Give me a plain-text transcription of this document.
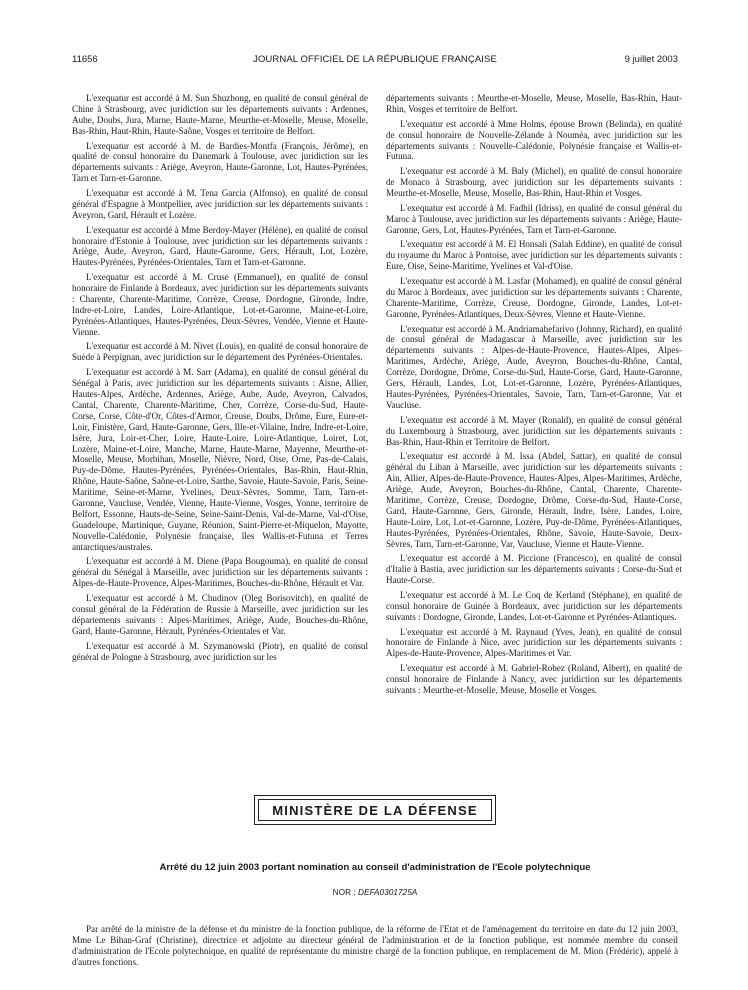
11656	JOURNAL OFFICIEL DE LA RÉPUBLIQUE FRANÇAISE	9 juillet 2003

L'exequatur est accordé à M. Sun Shuzhong, en qualité de consul général de Chine à Strasbourg, avec juridiction sur les départements suivants : Ardennes, Aube, Doubs, Jura, Marne, Haute-Marne, Meurthe-et-Moselle, Meuse, Moselle, Bas-Rhin, Haut-Rhin, Haute-Saône, Vosges et territoire de Belfort.

L'exequatur est accordé à M. de Bardies-Montfa (François, Jérôme), en qualité de consul honoraire du Danemark à Toulouse, avec juridiction sur les départements suivants : Ariège, Aveyron, Haute-Garonne, Lot, Hautes-Pyrénées, Tarn et Tarn-et-Garonne.

L'exequatur est accordé à M. Tena Garcia (Alfonso), en qualité de consul général d'Espagne à Montpellier, avec juridiction sur les départements suivants : Aveyron, Gard, Hérault et Lozère.

L'exequatur est accordé à Mme Berdoy-Mayer (Hélène), en qualité de consul honoraire d'Estonie à Toulouse, avec juridiction sur les départements suivants : Ariège, Aude, Aveyron, Gard, Haute-Garonne, Gers, Hérault, Lot, Lozère, Hautes-Pyrénées, Pyrénées-Orientales, Tarn et Tarn-et-Garonne.

L'exequatur est accordé à M. Cruse (Emmanuel), en qualité de consul honoraire de Finlande à Bordeaux, avec juridiction sur les départements suivants : Charente, Charente-Maritime, Corrèze, Creuse, Dordogne, Gironde, Indre, Indre-et-Loire, Landes, Loire-Atlantique, Lot-et-Garonne, Maine-et-Loire, Pyrénées-Atlantiques, Hautes-Pyrénées, Deux-Sèvres, Vendée, Vienne et Haute-Vienne.

L'exequatur est accordé à M. Nivet (Louis), en qualité de consul honoraire de Suède à Perpignan, avec juridiction sur le département des Pyrénées-Orientales.

L'exequatur est accordé à M. Sarr (Adama), en qualité de consul général du Sénégal à Paris, avec juridiction sur les départements suivants : Aisne, Allier, Hautes-Alpes, Ardèche, Ardennes, Ariège, Aube, Aude, Aveyron, Calvados, Cantal, Charente, Charente-Maritime, Cher, Corrèze, Corse-du-Sud, Haute-Corse, Corse, Côte-d'Or, Côtes-d'Armor, Creuse, Doubs, Drôme, Eure, Eure-et-Loir, Finistère, Gard, Haute-Garonne, Gers, Ille-et-Vilaine, Indre, Indre-et-Loire, Isère, Jura, Loir-et-Cher, Loire, Haute-Loire, Loire-Atlantique, Loiret, Lot, Lozère, Maine-et-Loire, Manche, Marne, Haute-Marne, Mayenne, Meurthe-et-Moselle, Meuse, Morbihan, Moselle, Nièvre, Nord, Oise, Orne, Pas-de-Calais, Puy-de-Dôme, Hautes-Pyrénées, Pyrénées-Orientales, Bas-Rhin, Haut-Rhin, Rhône, Haute-Saône, Saône-et-Loire, Sarthe, Savoie, Haute-Savoie, Paris, Seine-Maritime, Seine-et-Marne, Yvelines, Deux-Sèvres, Somme, Tarn, Tarn-et-Garonne, Vaucluse, Vendée, Vienne, Haute-Vienne, Vosges, Yonne, territoire de Belfort, Essonne, Hauts-de-Seine, Seine-Saint-Denis, Val-de-Marne, Val-d'Oise, Guadeloupe, Martinique, Guyane, Réunion, Saint-Pierre-et-Miquelon, Mayotte, Nouvelle-Calédonie, Polynésie française, îles Wallis-et-Futuna et Terres antarctiques/australes.

L'exequatur est accordé à M. Diene (Papa Bougouma), en qualité de consul général du Sénégal à Marseille, avec juridiction sur les départements suivants : Alpes-de-Haute-Provence, Alpes-Maritimes, Bouches-du-Rhône, Hérault et Var.

L'exequatur est accordé à M. Chudinov (Oleg Borisovitch), en qualité de consul général de la Fédération de Russie à Marseille, avec juridiction sur les départements suivants : Alpes-Maritimes, Ariège, Aude, Bouches-du-Rhône, Gard, Haute-Garonne, Hérault, Pyrénées-Orientales et Var.

L'exequatur est accordé à M. Szymanowski (Piotr), en qualité de consul général de Pologne à Strasbourg, avec juridiction sur les

départements suivants : Meurthe-et-Moselle, Meuse, Moselle, Bas-Rhin, Haut-Rhin, Vosges et territoire de Belfort.

L'exequatur est accordé à Mme Holms, épouse Brown (Belinda), en qualité de consul honoraire de Nouvelle-Zélande à Nouméa, avec juridiction sur les départements suivants : Nouvelle-Calédonie, Polynésie française et Wallis-et-Futuna.

L'exequatur est accordé à M. Baly (Michel), en qualité de consul honoraire de Monaco à Strasbourg, avec juridiction sur les départements suivants : Meurthe-et-Moselle, Meuse, Moselle, Bas-Rhin, Haut-Rhin et Vosges.

L'exequatur est accordé à M. Fadhil (Idriss), en qualité de consul général du Maroc à Toulouse, avec juridiction sur les départements suivants : Ariège, Haute-Garonne, Gers, Lot, Hautes-Pyrénées, Tarn et Tarn-et-Garonne.

L'exequatur est accordé à M. El Honsali (Salah Eddine), en qualité de consul du royaume du Maroc à Pontoise, avec juridiction sur les départements suivants : Eure, Oise, Seine-Maritime, Yvelines et Val-d'Oise.

L'exequatur est accordé à M. Lasfar (Mohamed), en qualité de consul général du Maroc à Bordeaux, avec juridiction sur les départements suivants : Charente, Charente-Maritime, Corrèze, Creuse, Dordogne, Gironde, Landes, Lot-et-Garonne, Pyrénées-Atlantiques, Deux-Sèvres, Vienne et Haute-Vienne.

L'exequatur est accordé à M. Andriamahefarivo (Johnny, Richard), en qualité de consul général de Madagascar à Marseille, avec juridiction sur les départements suivants : Alpes-de-Haute-Provence, Hautes-Alpes, Alpes-Maritimes, Ardèche, Ariège, Aude, Aveyron, Bouches-du-Rhône, Cantal, Corrèze, Dordogne, Drôme, Corse-du-Sud, Haute-Corse, Gard, Haute-Garonne, Gers, Hérault, Landes, Lot, Lot-et-Garonne, Lozère, Pyrénées-Atlantiques, Hautes-Pyrénées, Pyrénées-Orientales, Savoie, Tarn, Tarn-et-Garonne, Var et Vaucluse.

L'exequatur est accordé à M. Mayer (Ronald), en qualité de consul général du Luxembourg à Strasbourg, avec juridiction sur les départements suivants : Bas-Rhin, Haut-Rhin et Territoire de Belfort.

L'exequatur est accordé à M. Issa (Abdel, Sattar), en qualité de consul général du Liban à Marseille, avec juridiction sur les départements suivants : Ain, Allier, Alpes-de-Haute-Provence, Hautes-Alpes, Alpes-Maritimes, Ardèche, Ariège, Aude, Aveyron, Bouches-du-Rhône, Cantal, Charente, Charente-Maritime, Corrèze, Creuse, Dordogne, Drôme, Corse-du-Sud, Haute-Corse, Gard, Haute-Garonne, Gers, Gironde, Hérault, Indre, Isère, Landes, Loire, Haute-Loire, Lot, Lot-et-Garonne, Lozère, Puy-de-Dôme, Pyrénées-Atlantiques, Hautes-Pyrénées, Pyrénées-Orientales, Rhône, Savoie, Haute-Savoie, Deux-Sèvres, Tarn, Tarn-et-Garonne, Var, Vaucluse, Vienne et Haute-Vienne.

L'exequatur est accordé à M. Piccione (Francesco), en qualité de consul d'Italie à Bastia, avec juridiction sur les départements suivants : Corse-du-Sud et Haute-Corse.

L'exequatur est accordé à M. Le Coq de Kerland (Stéphane), en qualité de consul honoraire de Guinée à Bordeaux, avec juridiction sur les départements suivants : Dordogne, Gironde, Landes, Lot-et-Garonne et Pyrénées-Atlantiques.

L'exequatur est accordé à M. Raynaud (Yves, Jean), en qualité de consul honoraire de Finlande à Nice, avec juridiction sur les départements suivants : Alpes-de-Haute-Provence, Alpes-Maritimes et Var.

L'exequatur est accordé à M. Gabriel-Robez (Roland, Albert), en qualité de consul honoraire de Finlande à Nancy, avec juridiction sur les départements suivants : Meurthe-et-Moselle, Meuse, Moselle et Vosges.

MINISTÈRE DE LA DÉFENSE
Arrêté du 12 juin 2003 portant nomination au conseil d'administration de l'Ecole polytechnique
NOR : DEFA0301725A
Par arrêté de la ministre de la défense et du ministre de la fonction publique, de la réforme de l'Etat et de l'aménagement du territoire en date du 12 juin 2003, Mme Le Bihan-Graf (Christine), directrice et adjointe au directeur général de l'administration et de la fonction publique, est nommée membre du conseil d'administration de l'Ecole polytechnique, en qualité de représentante du ministre chargé de la fonction publique, en remplacement de M. Mion (Frédéric), appelé à d'autres fonctions.
